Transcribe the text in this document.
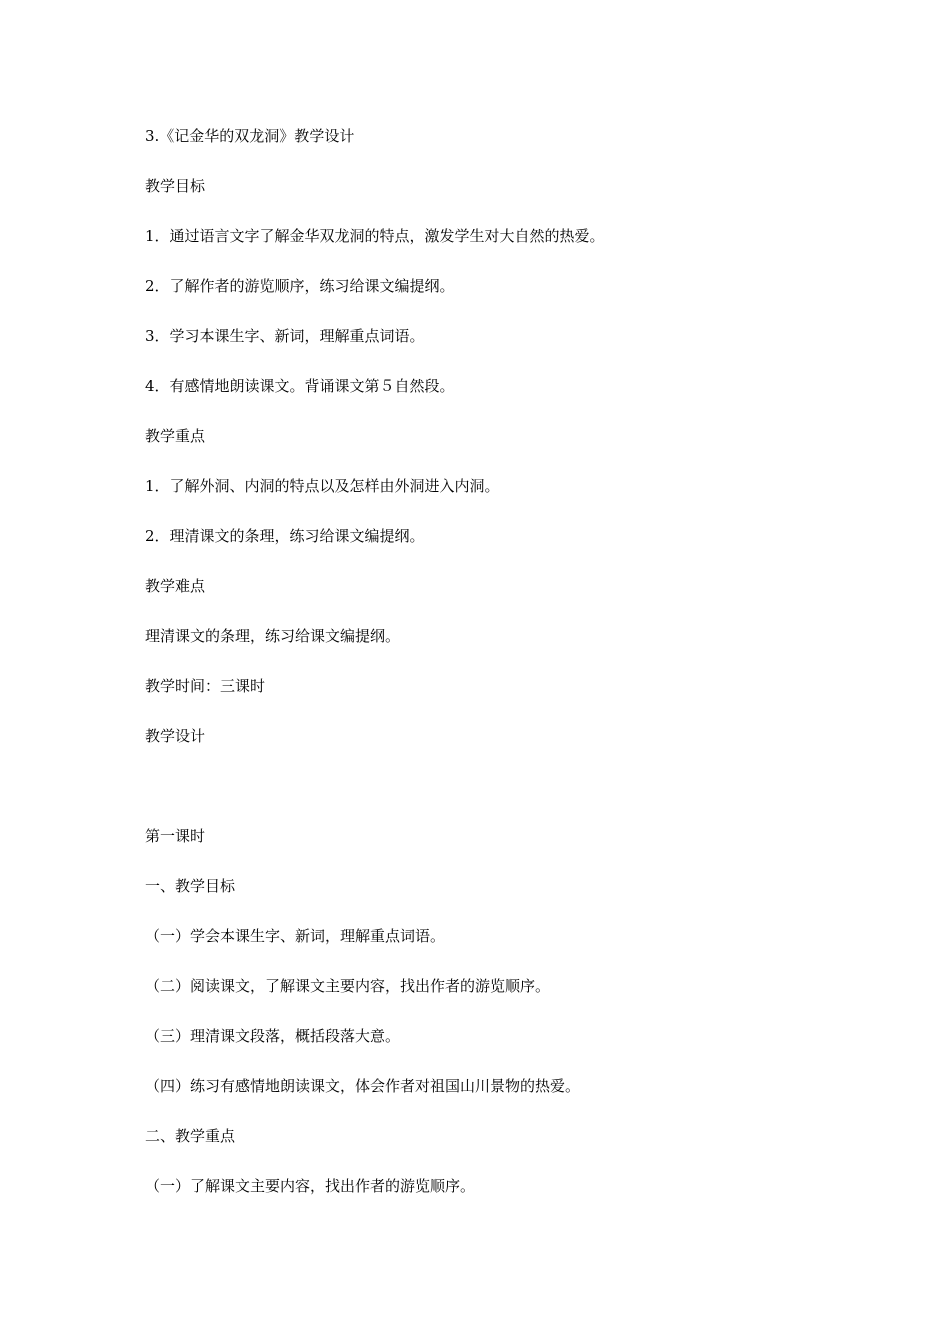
3.《记金华的双龙洞》教学设计
教学目标
1．通过语言文字了解金华双龙洞的特点，激发学生对大自然的热爱。
2．了解作者的游览顺序，练习给课文编提纲。
3．学习本课生字、新词，理解重点词语。
4．有感情地朗读课文。背诵课文第５自然段。
教学重点
1．了解外洞、内洞的特点以及怎样由外洞进入内洞。
2．理清课文的条理，练习给课文编提纲。
教学难点
理清课文的条理，练习给课文编提纲。
教学时间：三课时
教学设计
第一课时
一、教学目标
（一）学会本课生字、新词，理解重点词语。
（二）阅读课文，了解课文主要内容，找出作者的游览顺序。
（三）理清课文段落，概括段落大意。
（四）练习有感情地朗读课文，体会作者对祖国山川景物的热爱。
二、教学重点
（一）了解课文主要内容，找出作者的游览顺序。
